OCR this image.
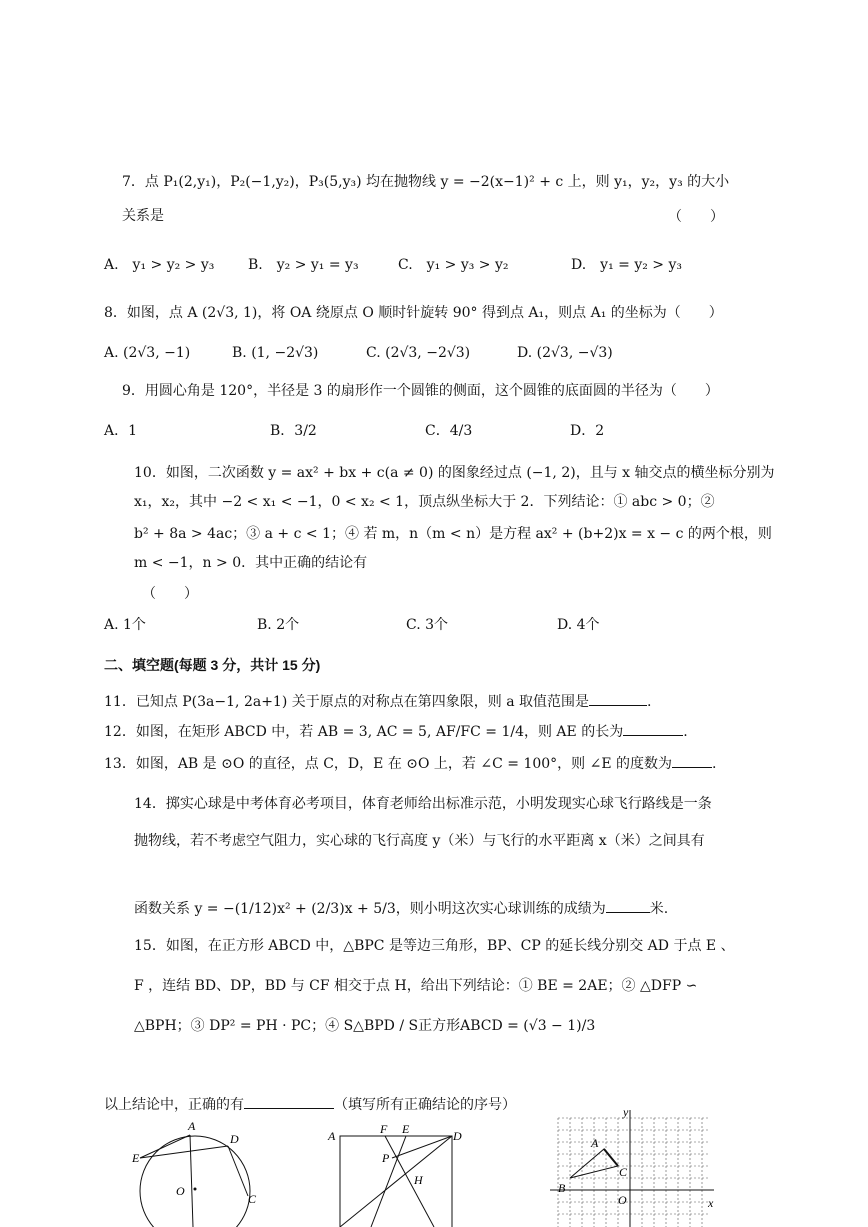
7．点 P₁(2,y₁)，P₂(−1,y₂)，P₃(5,y₃) 均在抛物线 y = −2(x−1)² + c 上，则 y₁，y₂，y₃ 的大小
关系是	（　　）
A.　y₁ > y₂ > y₃ B.　y₂ > y₁ = y₃	C.　y₁ > y₃ > y₂	D.　y₁ = y₂ > y₃
8．如图，点 A (2√3, 1)，将 OA 绕原点 O 顺时针旋转 90° 得到点 A₁，则点 A₁ 的坐标为（　　）
A. (2√3, −1)	B. (1, −2√3)	C. (2√3, −2√3)	D. (2√3, −√3)
9．用圆心角是 120°，半径是 3 的扇形作一个圆锥的侧面，这个圆锥的底面圆的半径为（　　）
A．1	B．3/2	C．4/3	D．2
10．如图，二次函数 y = ax² + bx + c(a ≠ 0) 的图象经过点 (−1, 2)，且与 x 轴交点的横坐标分别为
x₁，x₂，其中 −2 < x₁ < −1，0 < x₂ < 1，顶点纵坐标大于 2．下列结论：① abc > 0；②
b² + 8a > 4ac；③ a + c < 1；④ 若 m，n（m < n）是方程 ax² + (b+2)x = x − c 的两个根，则
m < −1，n > 0．其中正确的结论有
（　　）
A. 1个	B. 2个	C. 3个	D. 4个
二、填空题(每题 3 分，共计 15 分)
11．已知点 P(3a−1, 2a+1) 关于原点的对称点在第四象限，则 a 取值范围是	.
12．如图，在矩形 ABCD 中，若 AB = 3, AC = 5, AF/FC = 1/4，则 AE 的长为	.
13．如图，AB 是 ⊙O 的直径，点 C，D，E 在 ⊙O 上，若 ∠C = 100°，则 ∠E 的度数为	.
14．掷实心球是中考体育必考项目，体育老师给出标准示范，小明发现实心球飞行路线是一条
抛物线，若不考虑空气阻力，实心球的飞行高度 y（米）与飞行的水平距离 x（米）之间具有
函数关系 y = −(1/12)x² + (2/3)x + 5/3，则小明这次实心球训练的成绩为	米.
15．如图，在正方形 ABCD 中，△BPC 是等边三角形，BP、CP 的延长线分别交 AD 于点 E 、
F ，连结 BD、DP，BD 与 CF 相交于点 H，给出下列结论：① BE = 2AE；② △DFP ∽
△BPH；③ DP² = PH · PC；④ S△BPD / S正方形ABCD = (√3 − 1)/3
以上结论中，正确的有	（填写所有正确结论的序号）
A
D
E
O
C
A	F E	D
P
H
y
A
C
B
O	x
